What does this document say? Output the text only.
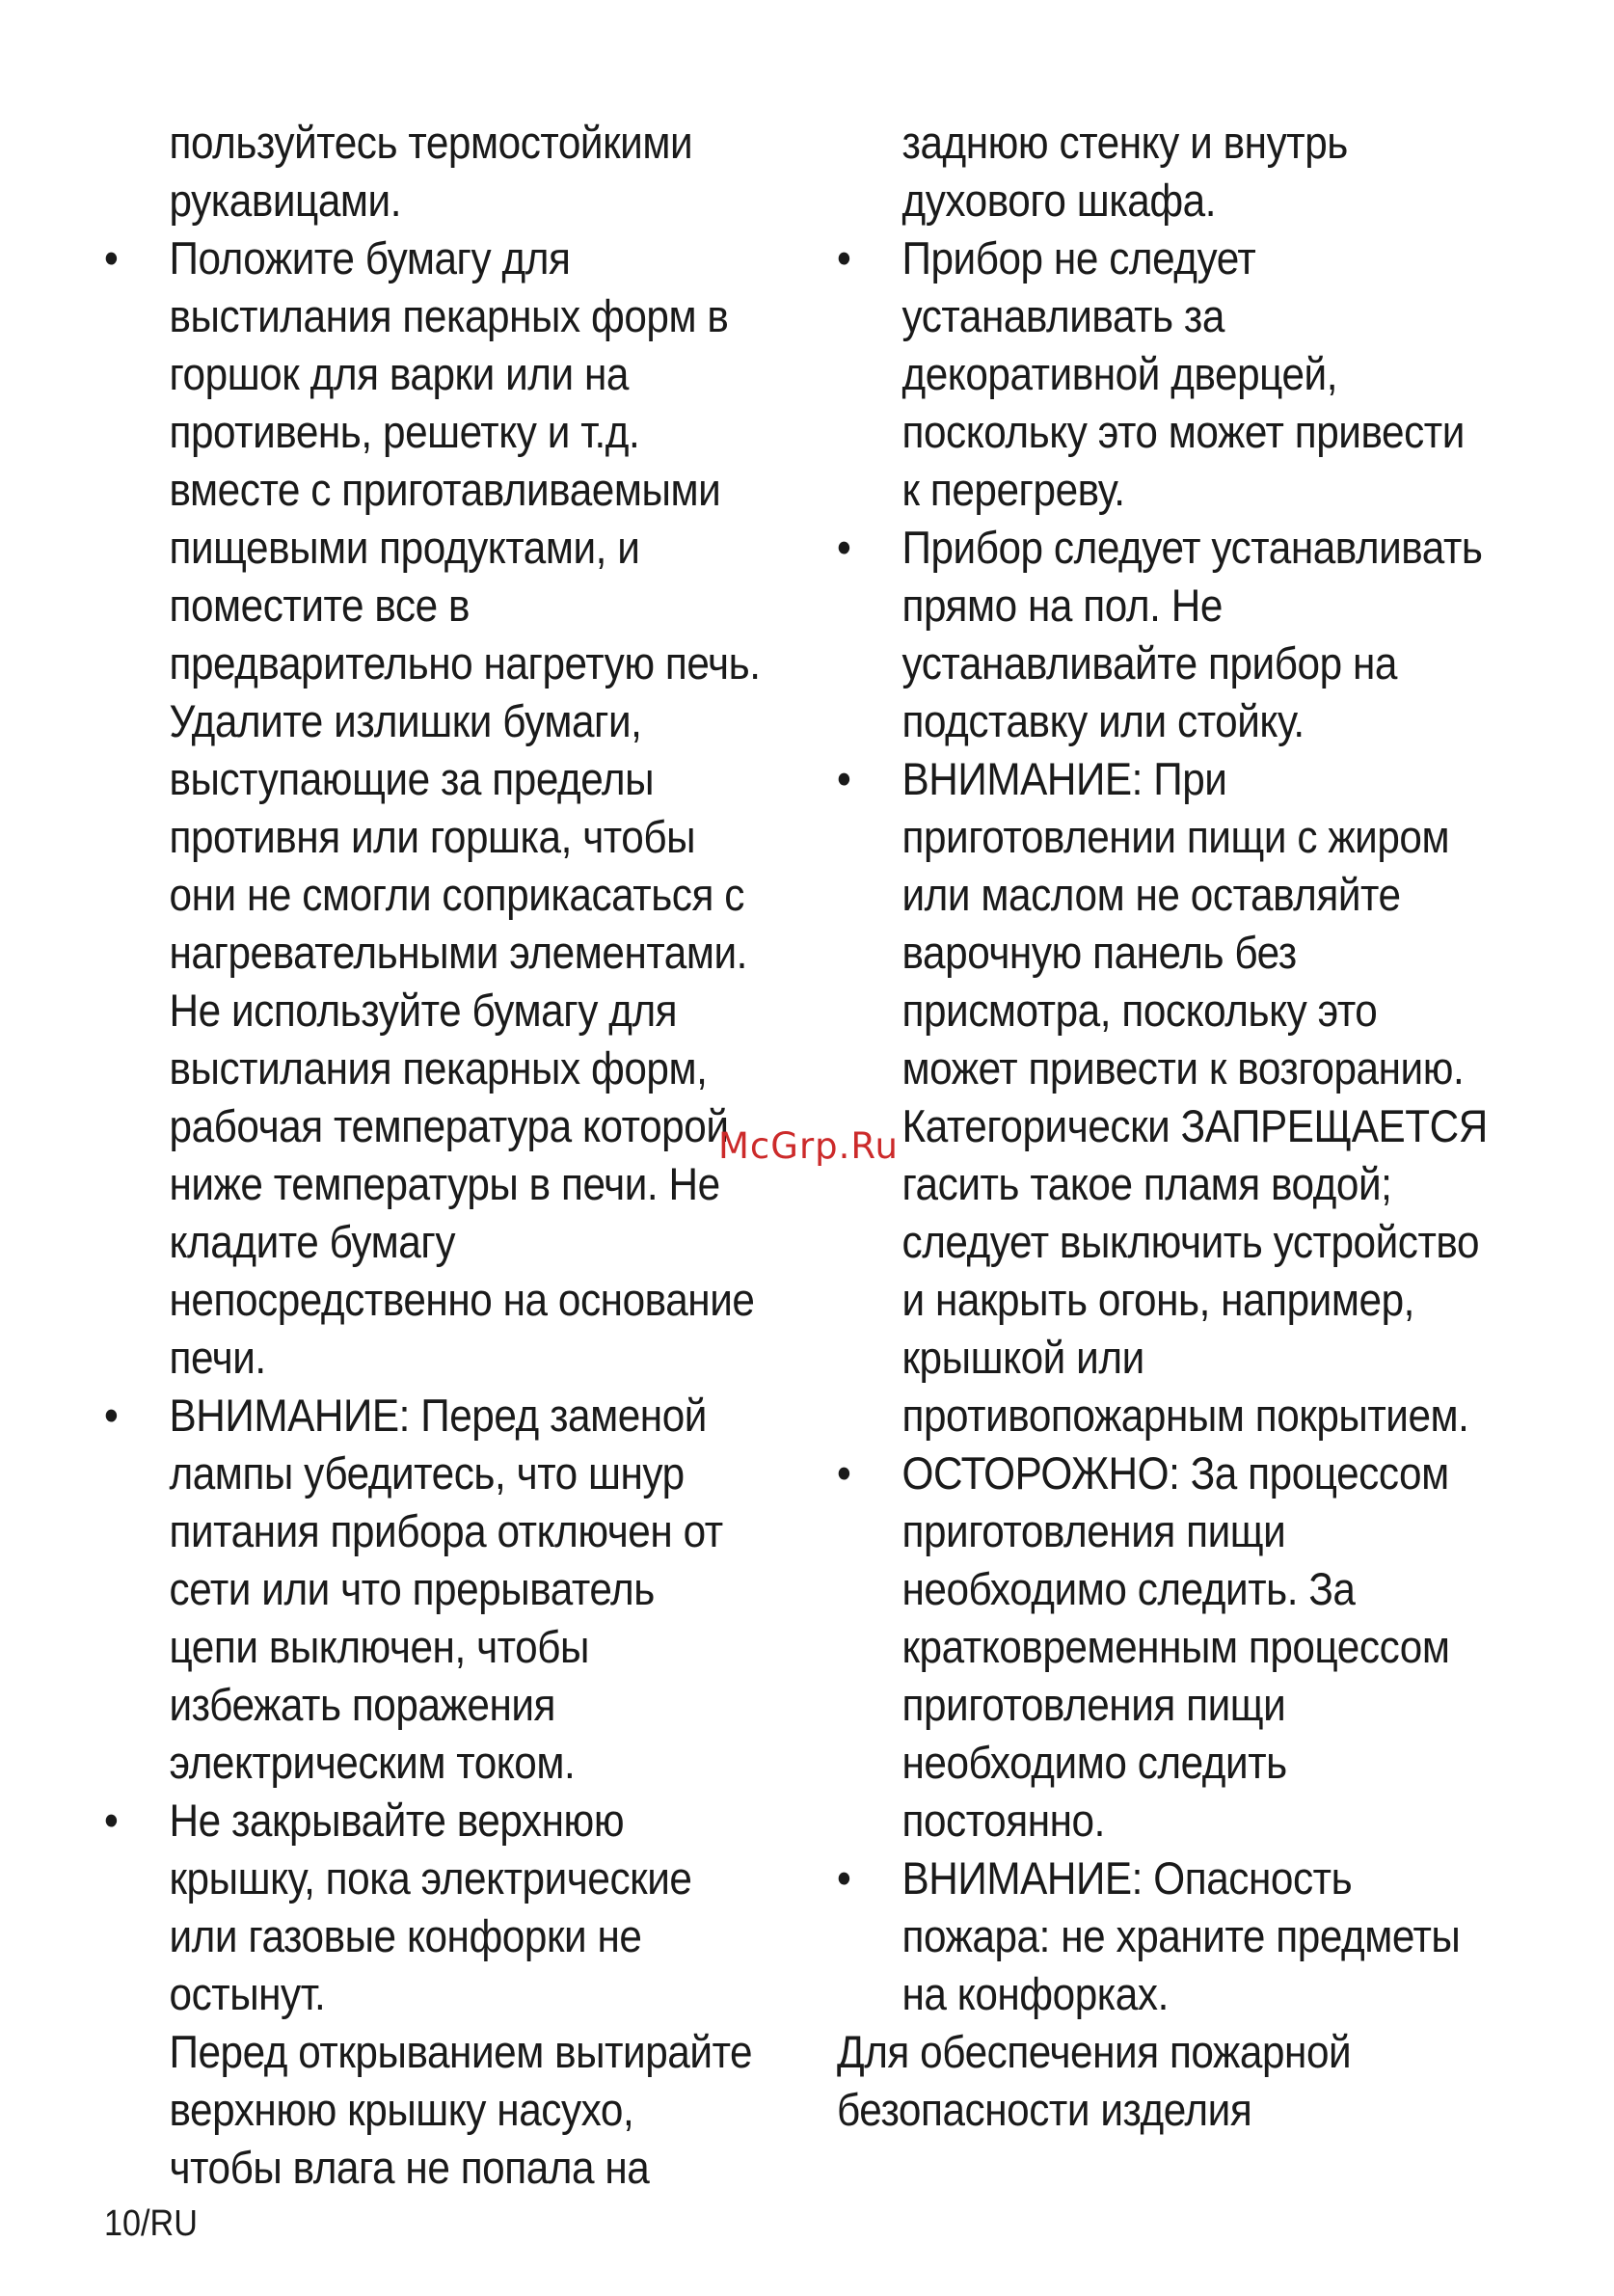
пользуйтесь термостойкими
рукавицами.
• Положите бумагу для
выстилания пекарных форм в
горшок для варки или на
противень, решетку и т.д.
вместе с приготавливаемыми
пищевыми продуктами, и
поместите все в
предварительно нагретую печь.
Удалите излишки бумаги,
выступающие за пределы
противня или горшка, чтобы
они не смогли соприкасаться с
нагревательными элементами.
Не используйте бумагу для
выстилания пекарных форм,
рабочая температура которой
ниже температуры в печи. Не
кладите бумагу
непосредственно на основание
печи.
• ВНИМАНИЕ: Перед заменой
лампы убедитесь, что шнур
питания прибора отключен от
сети или что прерыватель
цепи выключен, чтобы
избежать поражения
электрическим током.
• Не закрывайте верхнюю
крышку, пока электрические
или газовые конфорки не
остынут.
Перед открыванием вытирайте
верхнюю крышку насухо,
чтобы влага не попала на
заднюю стенку и внутрь
духового шкафа.
• Прибор не следует
устанавливать за
декоративной дверцей,
поскольку это может привести
к перегреву.
• Прибор следует устанавливать
прямо на пол. Не
устанавливайте прибор на
подставку или стойку.
• ВНИМАНИЕ: При
приготовлении пищи с жиром
или маслом не оставляйте
варочную панель без
присмотра, поскольку это
может привести к возгоранию.
Категорически ЗАПРЕЩАЕТСЯ
гасить такое пламя водой;
следует выключить устройство
и накрыть огонь, например,
крышкой или
противопожарным покрытием.
• ОСТОРОЖНО: За процессом
приготовления пищи
необходимо следить. За
кратковременным процессом
приготовления пищи
необходимо следить
постоянно.
• ВНИМАНИЕ: Опасность
пожара: не храните предметы
на конфорках.
Для обеспечения пожарной
безопасности изделия
McGrp.Ru
10/RU
